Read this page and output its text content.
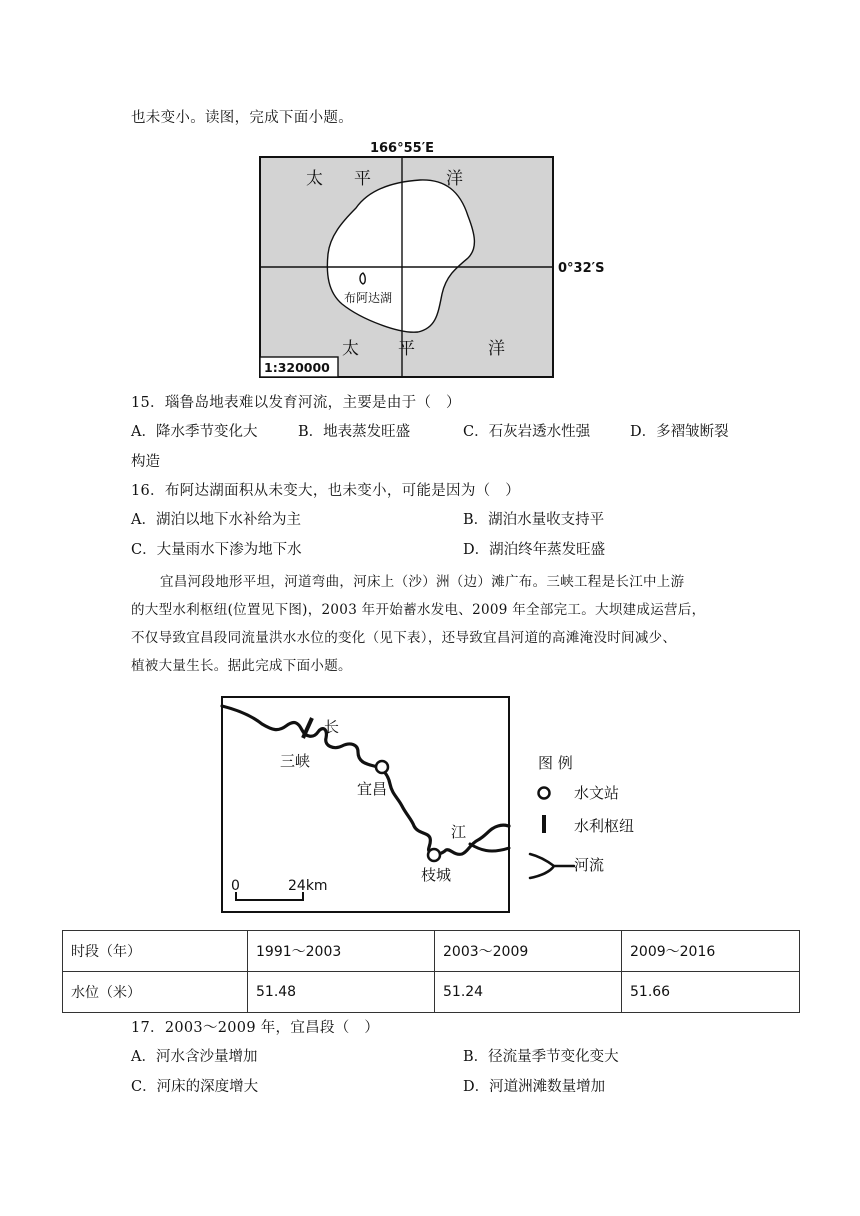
也未变小。读图，完成下面小题。
166°55′E
0°32′S
太 平	洋
布阿达湖
太 平	洋
1:320000
15．瑙鲁岛地表难以发育河流，主要是由于（　）
A．降水季节变化大	B．地表蒸发旺盛	C．石灰岩透水性强	D．多褶皱断裂
构造
16．布阿达湖面积从未变大，也未变小，可能是因为（　）
A．湖泊以地下水补给为主	B．湖泊水量收支持平
C．大量雨水下渗为地下水	D．湖泊终年蒸发旺盛
宜昌河段地形平坦，河道弯曲，河床上（沙）洲（边）滩广布。三峡工程是长江中上游
的大型水利枢纽(位置见下图)，2003 年开始蓄水发电、2009 年全部完工。大坝建成运营后，
不仅导致宜昌段同流量洪水水位的变化（见下表），还导致宜昌河道的高滩淹没时间减少、
植被大量生长。据此完成下面小题。
长
三峡
宜昌
江
枝城
0	24km
图 例
水文站
水利枢纽
河流
时段（年）	1991～2003	2003～2009	2009～2016
水位（米）	51.48	51.24	51.66
17．2003～2009 年，宜昌段（　）
A．河水含沙量增加	B．径流量季节变化变大
C．河床的深度增大	D．河道洲滩数量增加
